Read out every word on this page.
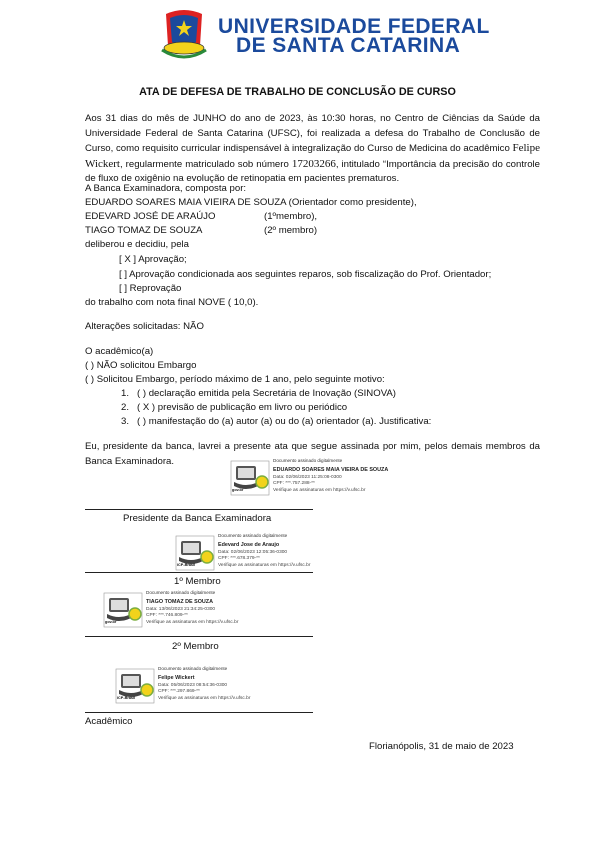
UNIVERSIDADE FEDERAL
DE SANTA CATARINA
ATA DE DEFESA DE TRABALHO DE CONCLUSÃO DE CURSO
Aos 31 dias do mês de JUNHO do ano de 2023, às 10:30 horas, no Centro de Ciências da Saúde da Universidade Federal de Santa Catarina (UFSC), foi realizada a defesa do Trabalho de Conclusão de Curso, como requisito curricular indispensável à integralização do Curso de Medicina do acadêmico Felipe Wickert, regularmente matriculado sob número 17203266, intitulado “Importância da precisão do controle de fluxo de oxigênio na evolução de retinopatia em pacientes prematuros.
A Banca Examinadora, composta por:
EDUARDO SOARES MAIA VIEIRA DE SOUZA (Orientador como presidente),
EDEVARD JOSÉ DE ARAÚJO	(1ºmembro),
TIAGO TOMAZ DE SOUZA	(2º membro)
deliberou e decidiu, pela
[ X ] Aprovação;
[ ] Aprovação condicionada aos seguintes reparos, sob fiscalização do Prof. Orientador;
[ ] Reprovação
do trabalho com nota final NOVE ( 10,0).
Alterações solicitadas: NÃO
O acadêmico(a)
( ) NÃO solicitou Embargo
( ) Solicitou Embargo, período máximo de 1 ano, pelo seguinte motivo:
1. ( ) declaração emitida pela Secretária de Inovação (SINOVA)
2. ( X ) previsão de publicação em livro ou periódico
3. ( ) manifestação do (a) autor (a) ou do (a) orientador (a). Justificativa:
Eu, presidente da banca, lavrei a presente ata que segue assinada por mim, pelos demais membros da Banca Examinadora.
gov.br
Documento assinado digitalmente
EDUARDO SOARES MAIA VIEIRA DE SOUZA
Data: 02/06/2023 11:25:08-0300
CPF: ***.757.288-**
Verifique as assinaturas em https://v.ufsc.br
Presidente da Banca Examinadora
ICP-Brasil
Documento assinado digitalmente
Edevard Jose de Araujo
Data: 02/06/2023 12:05:36-0300
CPF: ***.678.379-**
Verifique as assinaturas em https://v.ufsc.br
1º Membro
gov.br
Documento assinado digitalmente
TIAGO TOMAZ DE SOUZA
Data: 13/06/2023 21:34:25-0300
CPF: ***.746.809-**
Verifique as assinaturas em https://v.ufsc.br
2º Membro
ICP-Brasil
Documento assinado digitalmente
Felipe Wickert
Data: 05/06/2023 08:54:36-0300
CPF: ***.297.869-**
Verifique as assinaturas em https://v.ufsc.br
Acadêmico
Florianópolis, 31 de maio de 2023
